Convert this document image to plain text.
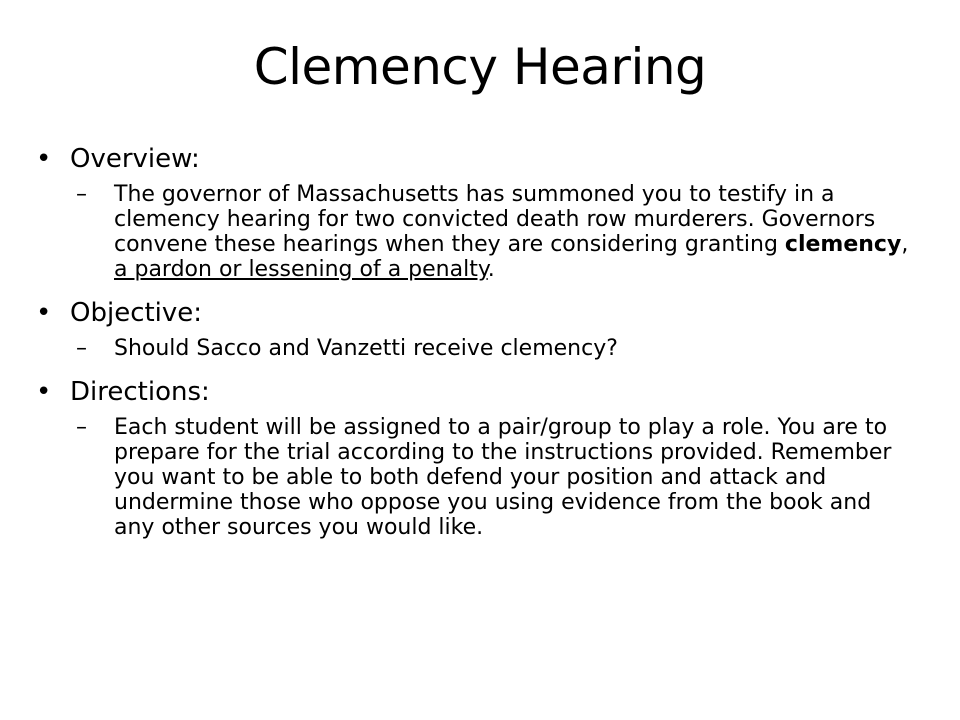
Clemency Hearing
• Overview:
– The governor of Massachusetts has summoned you to testify in a clemency hearing for two convicted death row murderers. Governors convene these hearings when they are considering granting clemency, a pardon or lessening of a penalty.
• Objective:
– Should Sacco and Vanzetti receive clemency?
• Directions:
– Each student will be assigned to a pair/group to play a role. You are to prepare for the trial according to the instructions provided. Remember you want to be able to both defend your position and attack and undermine those who oppose you using evidence from the book and any other sources you would like.
